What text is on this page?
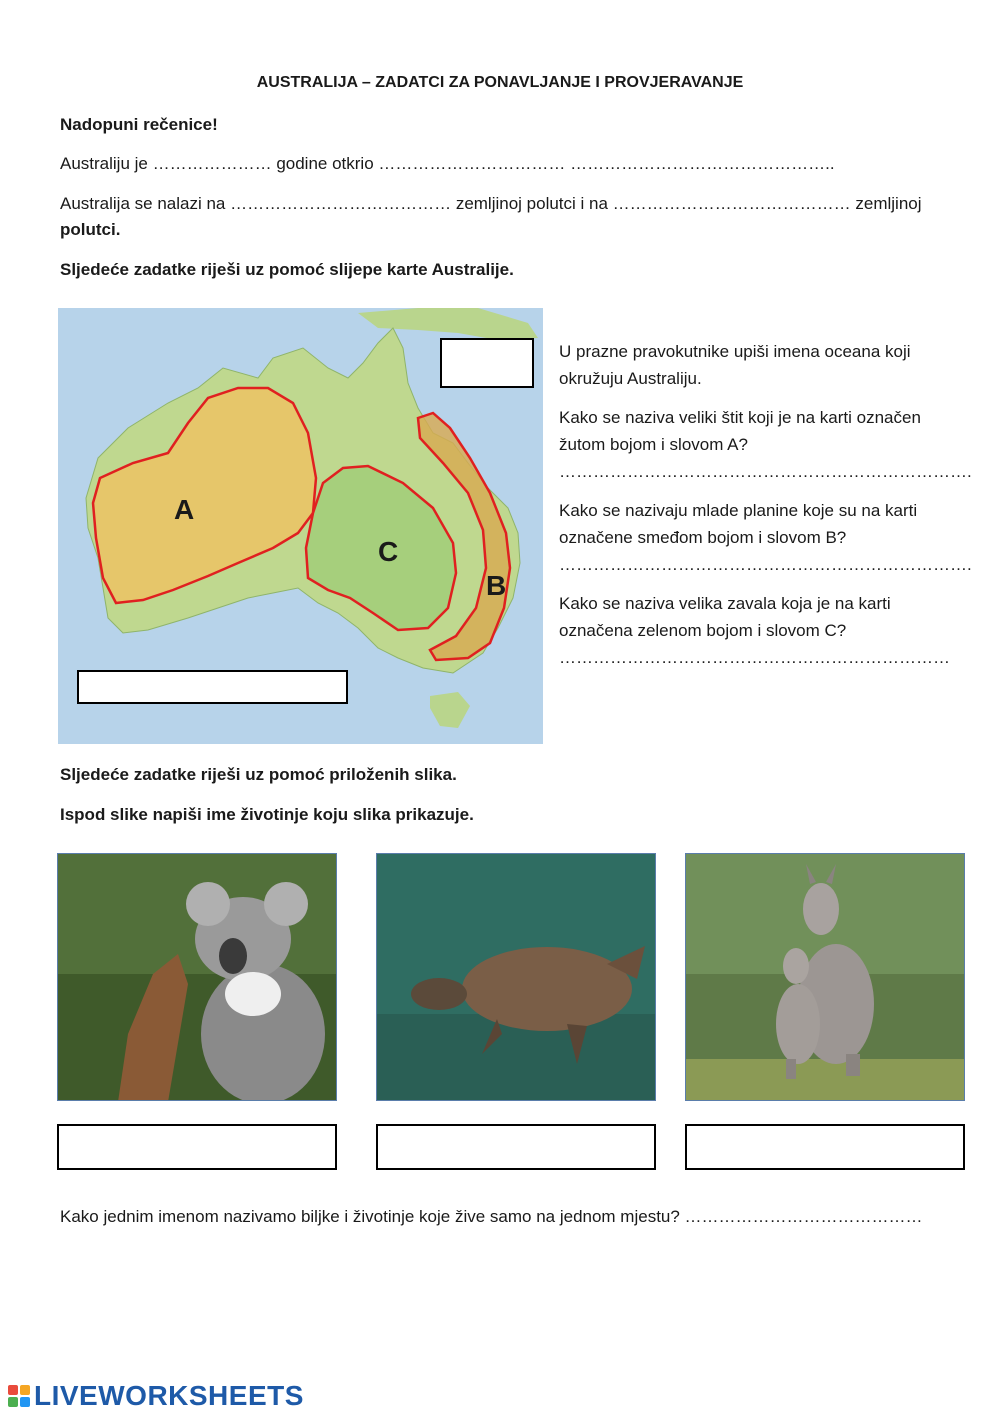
AUSTRALIJA – ZADATCI ZA PONAVLJANJE I PROVJERAVANJE
Nadopuni rečenice!
Australiju je ………………… godine otkrio …………………………… ………………………………………..
Australija se nalazi na ………………………………… zemljinoj polutci i na …………………………………… zemljinoj
polutci.
Sljedeće zadatke riješi uz pomoć slijepe karte Australije.
A
B
C

U prazne pravokutnike upiši imena oceana koji okružuju Australiju.

Kako se naziva veliki štit koji je na karti označen žutom bojom i slovom A?

……………………………………………………………….

Kako se nazivaju mlade planine koje su na karti označene smeđom bojom i slovom B?

……………………………………………………………….

Kako se naziva velika zavala koja je na karti označena zelenom bojom i slovom C?

……………………………………………………………

Sljedeće zadatke riješi uz pomoć priloženih slika.
Ispod slike napiši ime životinje koju slika prikazuje.
Kako jednim imenom nazivamo biljke i životinje koje žive samo na jednom mjestu? ……………………………………
LIVEWORKSHEETS
